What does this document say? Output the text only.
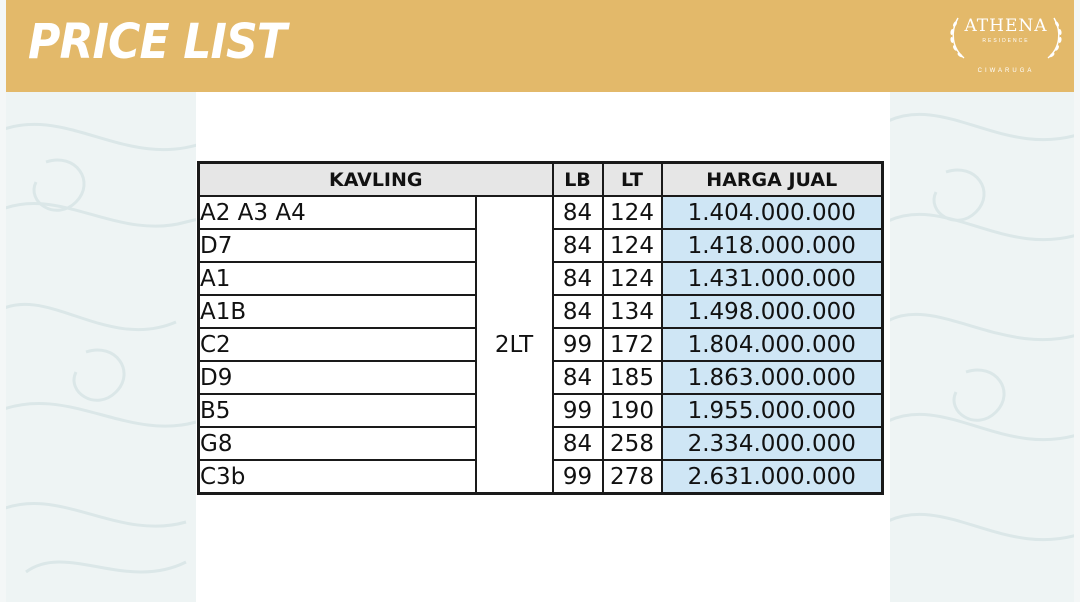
PRICE LIST	ATHENA
RESIDENCE
CIWARUGA
KAVLING		LB	LT	HARGA JUAL
A2 A3 A4	2LT	84	124	1.404.000.000
D7		84	124	1.418.000.000
A1		84	124	1.431.000.000
A1B		84	134	1.498.000.000
C2		99	172	1.804.000.000
D9		84	185	1.863.000.000
B5		99	190	1.955.000.000
G8		84	258	2.334.000.000
C3b		99	278	2.631.000.000
